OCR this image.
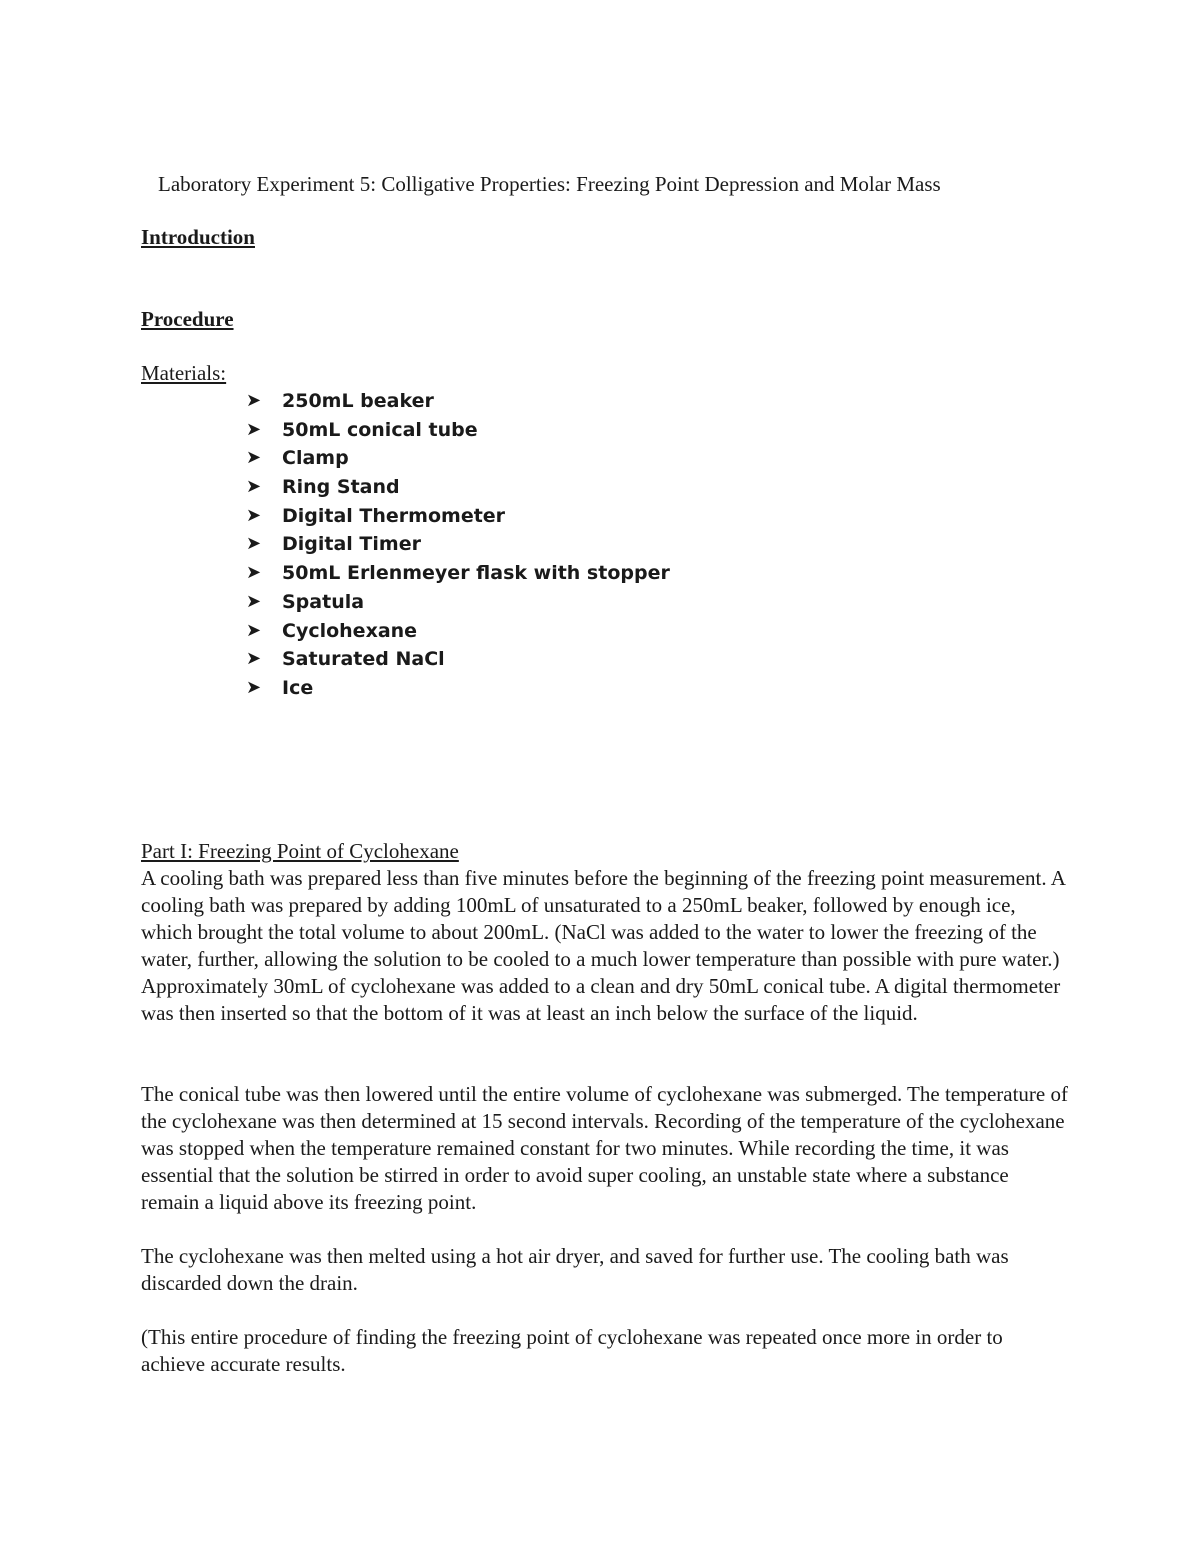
Laboratory Experiment 5: Colligative Properties: Freezing Point Depression and Molar Mass
Introduction
Procedure
Materials:
➤	250mL beaker
➤	50mL conical tube
➤	Clamp
➤	Ring Stand
➤	Digital Thermometer
➤	Digital Timer
➤	50mL Erlenmeyer flask with stopper
➤	Spatula
➤	Cyclohexane
➤	Saturated NaCl
➤	Ice
Part I: Freezing Point of Cyclohexane

A cooling bath was prepared less than five minutes before the beginning of the freezing point measurement. A cooling bath was prepared by adding 100mL of unsaturated to a 250mL beaker, followed by enough ice, which brought the total volume to about 200mL. (NaCl was added to the water to lower the freezing of the water, further, allowing the solution to be cooled to a much lower temperature than possible with pure water.) Approximately 30mL of cyclohexane was added to a clean and dry 50mL conical tube. A digital thermometer was then inserted so that the bottom of it was at least an inch below the surface of the liquid.

The conical tube was then lowered until the entire volume of cyclohexane was submerged. The temperature of the cyclohexane was then determined at 15 second intervals. Recording of the temperature of the cyclohexane was stopped when the temperature remained constant for two minutes. While recording the time, it was essential that the solution be stirred in order to avoid super cooling, an unstable state where a substance remain a liquid above its freezing point.

The cyclohexane was then melted using a hot air dryer, and saved for further use. The cooling bath was discarded down the drain.

(This entire procedure of finding the freezing point of cyclohexane was repeated once more in order to achieve accurate results.
